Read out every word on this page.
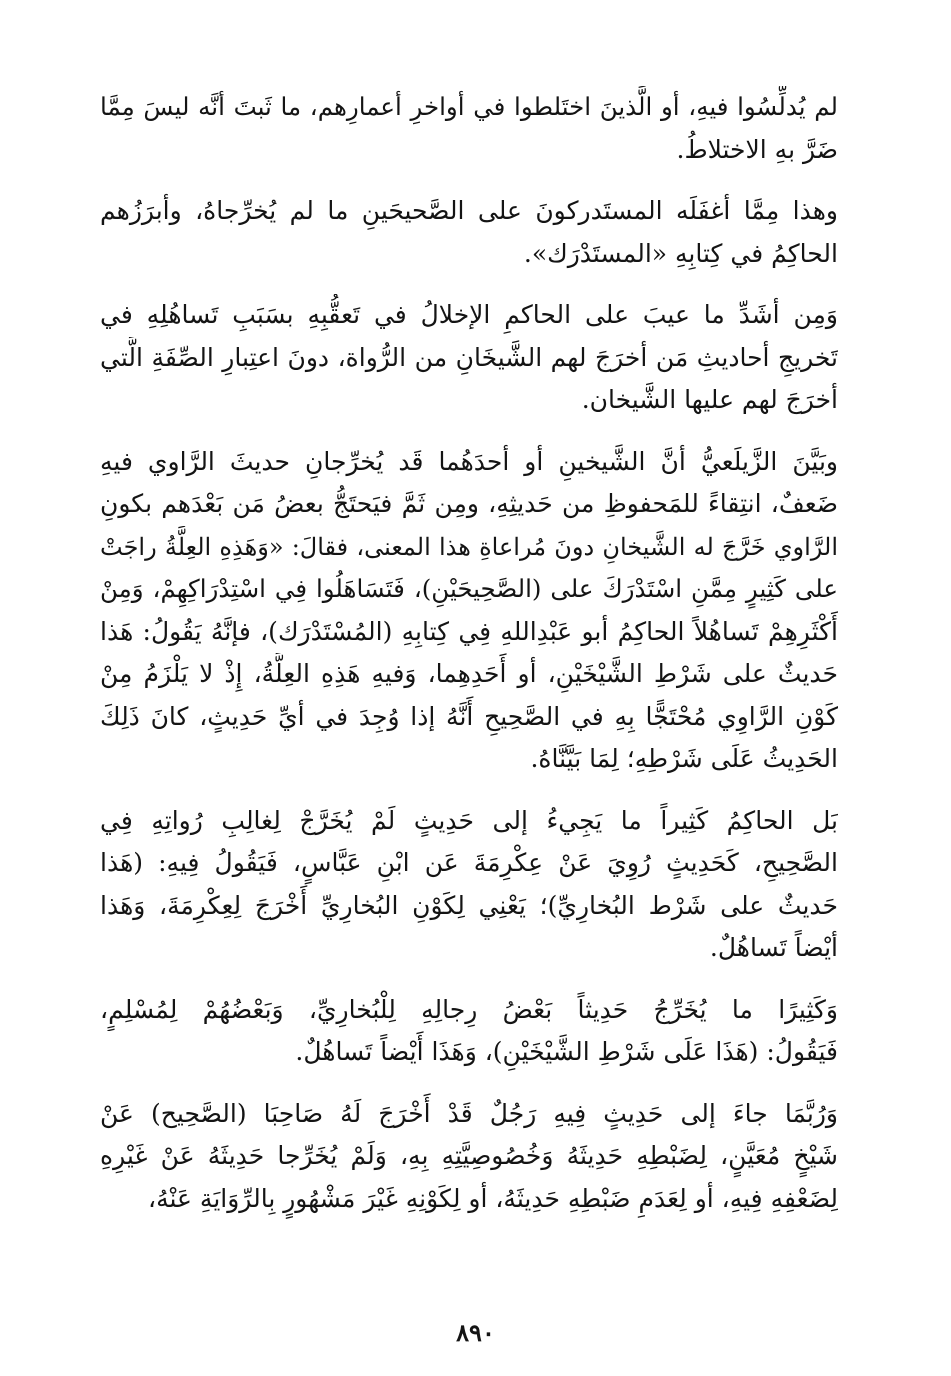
لم يُدلِّسُوا فيهِ، أو الَّذينَ اختَلطوا في أواخرِ أعمارِهم، ما ثَبتَ أنَّه ليسَ مِمَّا
ضَرَّ بهِ الاختلاطُ.
وهذا مِمَّا أغفَلَه المستَدركونَ على الصَّحيحَينِ ما لم يُخرِّجاهُ، وأبرَزُهم
الحاكِمُ في كِتابِهِ «المستَدْرَك».
وَمِن أشَدِّ ما عيبَ على الحاكمِ الإخلالُ في تَعقُّبِهِ بسَبَبِ تَساهُلِهِ في
تَخريجِ أحاديثِ مَن أخرَجَ لهم الشَّيخَانِ من الرُّواة، دونَ اعتِبارِ الصِّفَةِ الَّتي
أخرَجَ لهم عليها الشَّيخان.
وبَيَّنَ الزَّيلَعيُّ أنَّ الشَّيخينِ أو أحدَهُما قَد يُخرِّجانِ حديثَ الرَّاوي فيهِ
ضَعفٌ، انتِقاءً للمَحفوظِ من حَديثِهِ، ومِن ثَمَّ فيَحتَجُّ بعضُ مَن بَعْدَهم بكونِ
الرَّاوي خَرَّجَ له الشَّيخانِ دونَ مُراعاةِ هذا المعنى، فقالَ: «وَهَذِهِ العِلَّةُ راجَتْ
على كَثِيرٍ مِمَّنِ اسْتَدْرَكَ على (الصَّحِيحَيْنِ)، فَتَسَاهَلُوا فِي اسْتِدْرَاكِهِمْ، وَمِنْ
أَكْثَرِهِمْ تَساهُلاً الحاكِمُ أبو عَبْدِاللهِ فِي كِتابِهِ (المُسْتَدْرَك)، فإنَّهُ يَقُولُ: هَذا
حَديثٌ على شَرْطِ الشَّيْخَيْنِ، أو أَحَدِهِما، وَفيهِ هَذِهِ العِلَّةُ، إِذْ لا يَلْزَمُ مِنْ
كَوْنِ الرَّاوِي مُحْتَجًّا بِهِ في الصَّحِيحِ أَنَّهُ إذا وُجِدَ في أيِّ حَدِيثٍ، كانَ ذَلِكَ
الحَدِيثُ عَلَى شَرْطِهِ؛ لِمَا بَيَّنَّاهُ.
بَل الحاكِمُ كَثِيراً ما يَجِيءُ إلى حَدِيثٍ لَمْ يُخَرَّجْ لِغالِبِ رُواتِهِ فِي
الصَّحِيحِ، كَحَدِيثٍ رُوِيَ عَنْ عِكْرِمَةَ عَن ابْنِ عَبَّاسٍ، فَيَقُولُ فِيهِ: (هَذا
حَديثٌ على شَرْط البُخارِيِّ)؛ يَعْنِي لِكَوْنِ البُخارِيِّ أَخْرَجَ لِعِكْرِمَةَ، وَهَذا
أيْضاً تَساهُلٌ.
وَكَثِيرًا ما يُخَرِّجُ حَدِيثاً بَعْضُ رِجالِهِ لِلْبُخارِيِّ، وَبَعْضُهُمْ لِمُسْلِمٍ،
فَيَقُولُ: (هَذَا عَلَى شَرْطِ الشَّيْخَيْنِ)، وَهَذَا أَيْضاً تَساهُلٌ.
وَرُبَّمَا جاءَ إلى حَدِيثٍ فِيهِ رَجُلٌ قَدْ أَخْرَجَ لَهُ صَاحِبَا (الصَّحِيح) عَنْ
شَيْخٍ مُعَيَّنٍ، لِضَبْطِهِ حَدِيثَهُ وَخُصُوصِيَّتِهِ بِهِ، وَلَمْ يُخَرِّجا حَدِيثَهُ عَنْ غَيْرِهِ
لِضَعْفِهِ فِيهِ، أو لِعَدَمِ ضَبْطِهِ حَدِيثَهُ، أو لِكَوْنِهِ غَيْرَ مَشْهُورٍ بِالرِّوَايَةِ عَنْهُ،
٨٩٠
